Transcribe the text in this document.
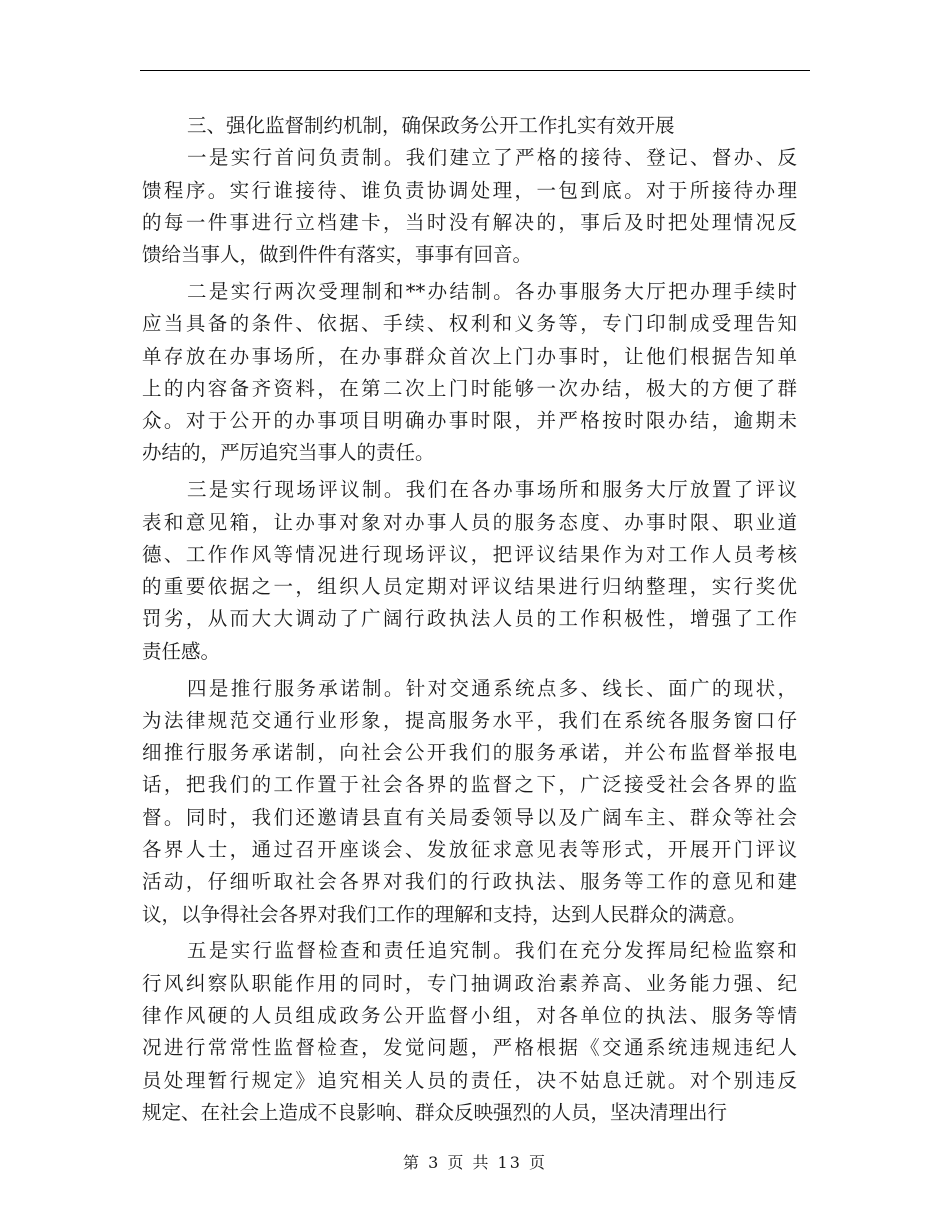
三、强化监督制约机制，确保政务公开工作扎实有效开展
一是实行首问负责制。我们建立了严格的接待、登记、督办、反
馈程序。实行谁接待、谁负责协调处理，一包到底。对于所接待办理
的每一件事进行立档建卡，当时没有解决的，事后及时把处理情况反
馈给当事人，做到件件有落实，事事有回音。
二是实行两次受理制和**办结制。各办事服务大厅把办理手续时
应当具备的条件、依据、手续、权利和义务等，专门印制成受理告知
单存放在办事场所，在办事群众首次上门办事时，让他们根据告知单
上的内容备齐资料，在第二次上门时能够一次办结，极大的方便了群
众。对于公开的办事项目明确办事时限，并严格按时限办结，逾期未
办结的，严厉追究当事人的责任。
三是实行现场评议制。我们在各办事场所和服务大厅放置了评议
表和意见箱，让办事对象对办事人员的服务态度、办事时限、职业道
德、工作作风等情况进行现场评议，把评议结果作为对工作人员考核
的重要依据之一，组织人员定期对评议结果进行归纳整理，实行奖优
罚劣，从而大大调动了广阔行政执法人员的工作积极性，增强了工作
责任感。
四是推行服务承诺制。针对交通系统点多、线长、面广的现状，
为法律规范交通行业形象，提高服务水平，我们在系统各服务窗口仔
细推行服务承诺制，向社会公开我们的服务承诺，并公布监督举报电
话，把我们的工作置于社会各界的监督之下，广泛接受社会各界的监
督。同时，我们还邀请县直有关局委领导以及广阔车主、群众等社会
各界人士，通过召开座谈会、发放征求意见表等形式，开展开门评议
活动，仔细听取社会各界对我们的行政执法、服务等工作的意见和建
议，以争得社会各界对我们工作的理解和支持，达到人民群众的满意。
五是实行监督检查和责任追究制。我们在充分发挥局纪检监察和
行风纠察队职能作用的同时，专门抽调政治素养高、业务能力强、纪
律作风硬的人员组成政务公开监督小组，对各单位的执法、服务等情
况进行常常性监督检查，发觉问题，严格根据《交通系统违规违纪人
员处理暂行规定》追究相关人员的责任，决不姑息迁就。对个别违反
规定、在社会上造成不良影响、群众反映强烈的人员，坚决清理出行
第 3 页 共 13 页
